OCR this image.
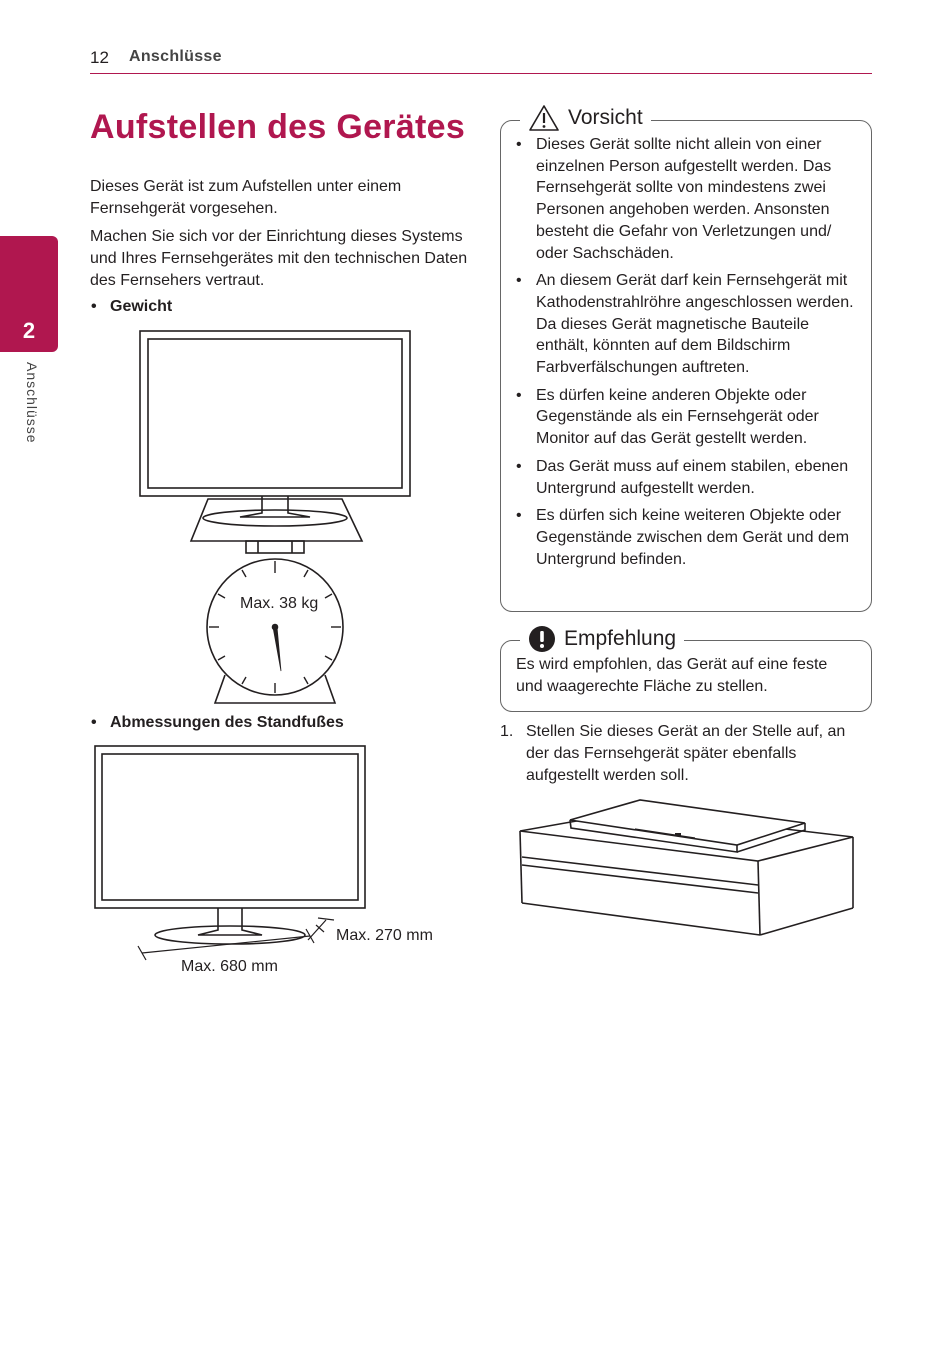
12 Anschlüsse
2
Anschlüsse
Aufstellen des Gerätes
Dieses Gerät ist zum Aufstellen unter einem Fernsehgerät vorgesehen.
Machen Sie sich vor der Einrichtung dieses Systems und Ihres Fernsehgerätes mit den technischen Daten des Fernsehers vertraut.
• Gewicht
Max. 38 kg
• Abmessungen des Standfußes
Max. 270 mm
Max. 680 mm
Vorsicht
• Dieses Gerät sollte nicht allein von einer einzelnen Person aufgestellt werden. Das Fernsehgerät sollte von mindestens zwei Personen angehoben werden. Ansonsten besteht die Gefahr von Verletzungen und/ oder Sachschäden.
• An diesem Gerät darf kein Fernsehgerät mit Kathodenstrahlröhre angeschlossen werden. Da dieses Gerät magnetische Bauteile enthält, könnten auf dem Bildschirm Farbverfälschungen auftreten.
• Es dürfen keine anderen Objekte oder Gegenstände als ein Fernsehgerät oder Monitor auf das Gerät gestellt werden.
• Das Gerät muss auf einem stabilen, ebenen Untergrund aufgestellt werden.
• Es dürfen sich keine weiteren Objekte oder Gegenstände zwischen dem Gerät und dem Untergrund befinden.
Empfehlung
Es wird empfohlen, das Gerät auf eine feste und waagerechte Fläche zu stellen.
1. Stellen Sie dieses Gerät an der Stelle auf, an der das Fernsehgerät später ebenfalls aufgestellt werden soll.
